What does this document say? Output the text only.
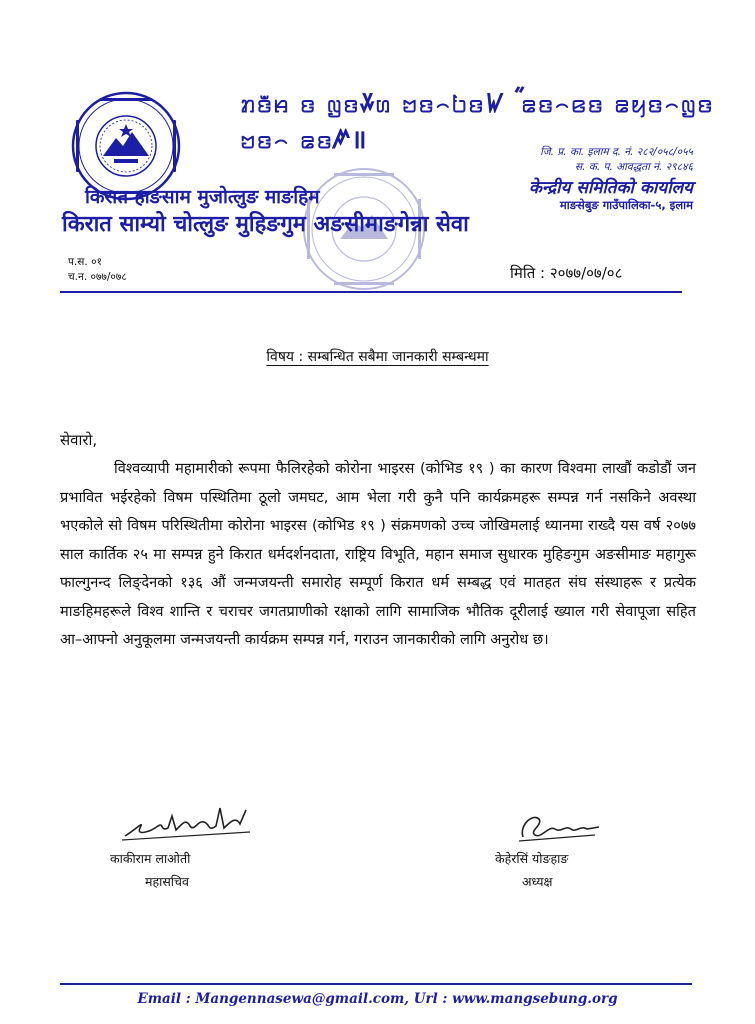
ꤊꤢꤪꤌ ꤢ ꤜꤢꤸꤛ ꤠꤢ꤮ꤝꤢꤿ ꥐ ꤘꤢ꤮ꤕꤢ ꤘꤟꤢ꤮ꤜꤢ ꤠꤢ꤮ ꤘꤢꤺ॥
किरात हाङसाम मुजोत्लुङ माङहिम
किरात साम्यो चोत्लुङ मुहिङगुम अङसीमाङगेन्ना सेवा
जि. प्र. का. इलाम द. नं. २८२/०५८/०५५
स. क. प. आवद्धता नं. २९८४६
केन्द्रीय समितिको कार्यालय
माङसेबुङ गाउँपालिका-५, इलाम
प.स. ०१
च.न. ०७७/०७८	मिति : २०७७/०७/०८
विषय : सम्बन्धित सबैमा जानकारी सम्बन्धमा
सेवारो,
विश्वव्यापी महामारीको रूपमा फैलिरहेको कोरोना भाइरस (कोभिड १९ ) का कारण विश्वमा लाखौं कडोडौं जन प्रभावित भईरहेको विषम पस्थितिमा ठूलो जमघट, आम भेला गरी कुनै पनि कार्यक्रमहरू सम्पन्न गर्न नसकिने अवस्था भएकोले सो विषम परिस्थितीमा कोरोना भाइरस (कोभिड १९ ) संक्रमणको उच्च जोखिमलाई ध्यानमा राख्दै यस वर्ष २०७७ साल कार्तिक २५ मा सम्पन्न हुने किरात धर्मदर्शनदाता, राष्ट्रिय विभूति, महान समाज सुधारक मुहिङगुम अङसीमाङ महागुरू फाल्गुनन्द लिङ्देनको १३६ औं जन्मजयन्ती समारोह सम्पूर्ण किरात धर्म सम्बद्ध एवं मातहत संघ संस्थाहरू र प्रत्येक माङहिमहरूले विश्व शान्ति र चराचर जगतप्राणीको रक्षाको लागि सामाजिक भौतिक दूरीलाई ख्याल गरी सेवापूजा सहित आ–आफ्नो अनुकूलमा जन्मजयन्ती कार्यक्रम सम्पन्न गर्न, गराउन जानकारीको लागि अनुरोध छ।
काकीराम लाओती
महासचिव
केहेरसिं योङहाङ
अध्यक्ष
Email : Mangennasewa@gmail.com, Url : www.mangsebung.org
